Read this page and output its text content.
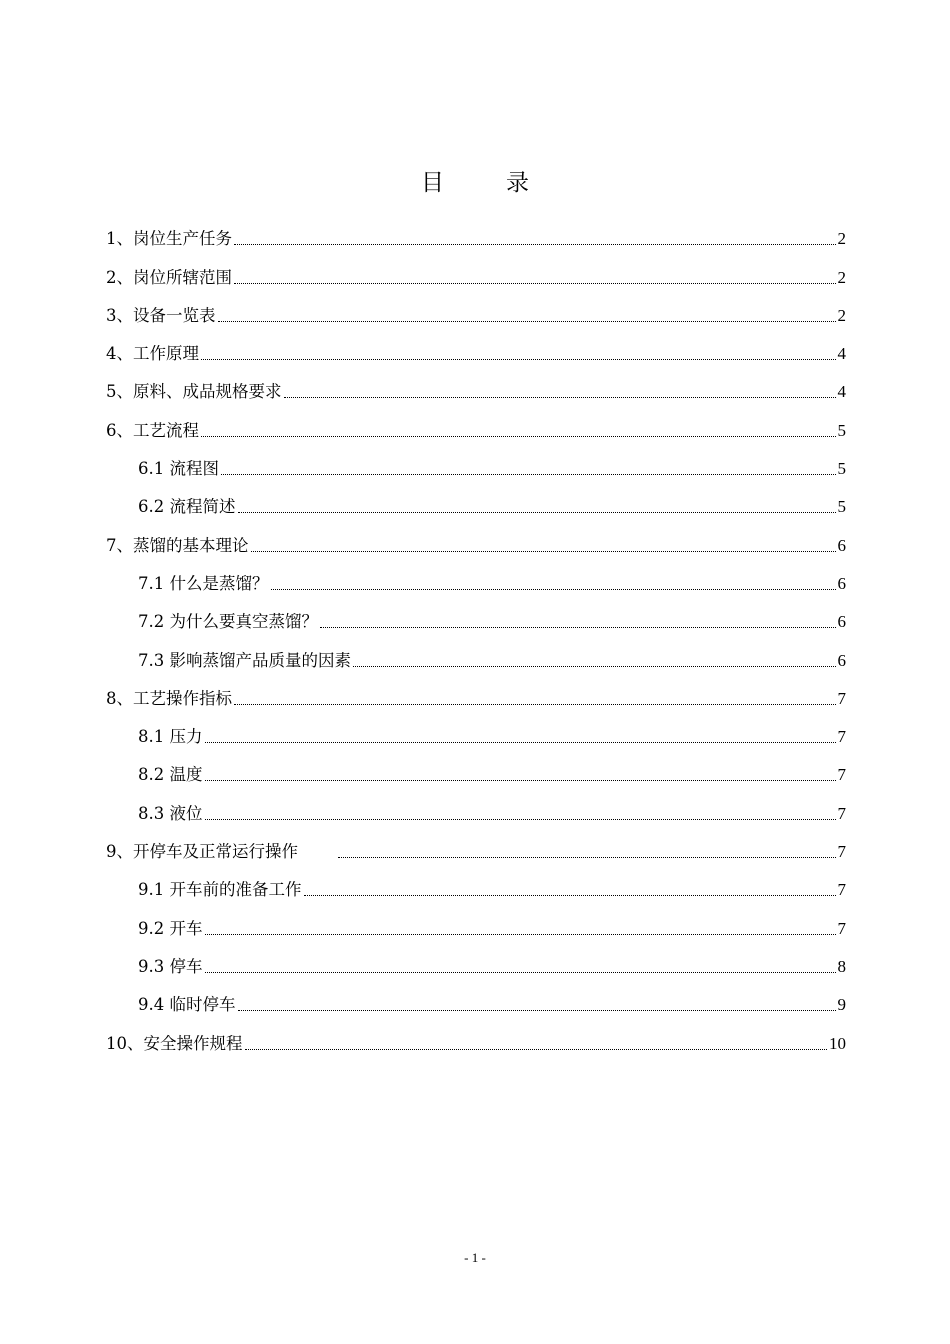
目录
1、岗位生产任务	2
2、岗位所辖范围	2
3、设备一览表	2
4、工作原理	4
5、原料、成品规格要求	4
6、工艺流程	5
6.1 流程图	5
6.2 流程简述	5
7、蒸馏的基本理论	6
7.1 什么是蒸馏？	6
7.2 为什么要真空蒸馏？	6
7.3 影响蒸馏产品质量的因素	6
8、工艺操作指标	7
8.1 压力	7
8.2 温度	7
8.3 液位	7
9、开停车及正常运行操作	7
9.1 开车前的准备工作	7
9.2 开车	7
9.3 停车	8
9.4 临时停车	9
10、安全操作规程	10
- 1 -
